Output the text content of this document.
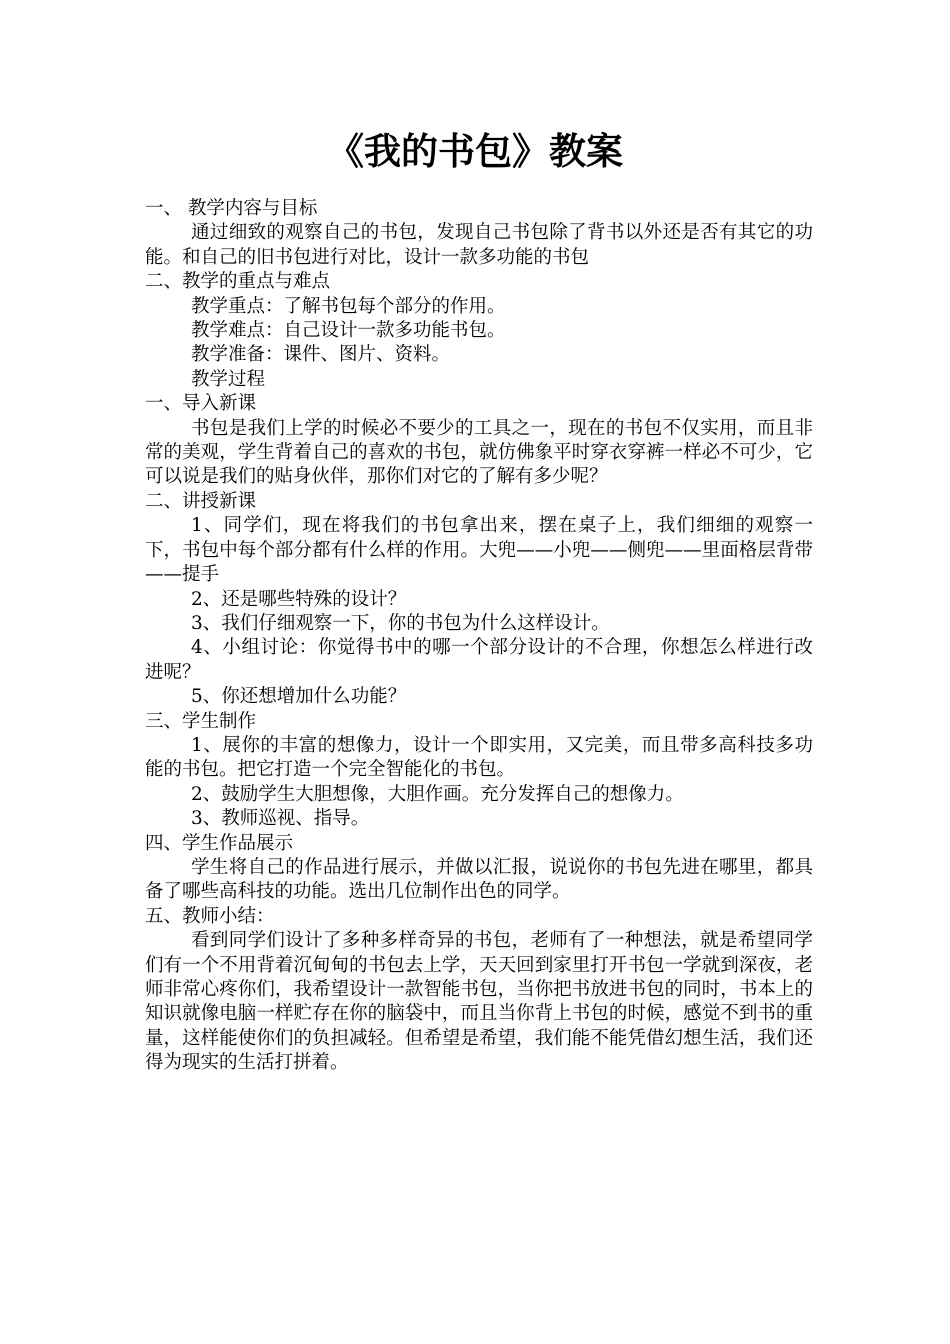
《我的书包》教案

一、 教学内容与目标

通过细致的观察自己的书包，发现自己书包除了背书以外还是否有其它的功能。和自己的旧书包进行对比，设计一款多功能的书包

二、教学的重点与难点

教学重点：了解书包每个部分的作用。

教学难点：自己设计一款多功能书包。

教学准备：课件、图片、资料。

教学过程

一、导入新课

书包是我们上学的时候必不要少的工具之一，现在的书包不仅实用，而且非常的美观，学生背着自己的喜欢的书包，就仿佛象平时穿衣穿裤一样必不可少，它可以说是我们的贴身伙伴，那你们对它的了解有多少呢？

二、讲授新课

1、同学们，现在将我们的书包拿出来，摆在桌子上，我们细细的观察一下，书包中每个部分都有什么样的作用。大兜——小兜——侧兜——里面格层背带——提手

2、还是哪些特殊的设计？

3、我们仔细观察一下，你的书包为什么这样设计。

4、小组讨论：你觉得书中的哪一个部分设计的不合理，你想怎么样进行改进呢？

5、你还想增加什么功能？

三、学生制作

1、展你的丰富的想像力，设计一个即实用，又完美，而且带多高科技多功能的书包。把它打造一个完全智能化的书包。

2、鼓励学生大胆想像，大胆作画。充分发挥自己的想像力。

3、教师巡视、指导。

四、学生作品展示

学生将自己的作品进行展示，并做以汇报，说说你的书包先进在哪里，都具备了哪些高科技的功能。选出几位制作出色的同学。

五、教师小结：

看到同学们设计了多种多样奇异的书包，老师有了一种想法，就是希望同学们有一个不用背着沉甸甸的书包去上学，天天回到家里打开书包一学就到深夜，老师非常心疼你们，我希望设计一款智能书包，当你把书放进书包的同时，书本上的知识就像电脑一样贮存在你的脑袋中，而且当你背上书包的时候，感觉不到书的重量，这样能使你们的负担减轻。但希望是希望，我们能不能凭借幻想生活，我们还得为现实的生活打拼着。
